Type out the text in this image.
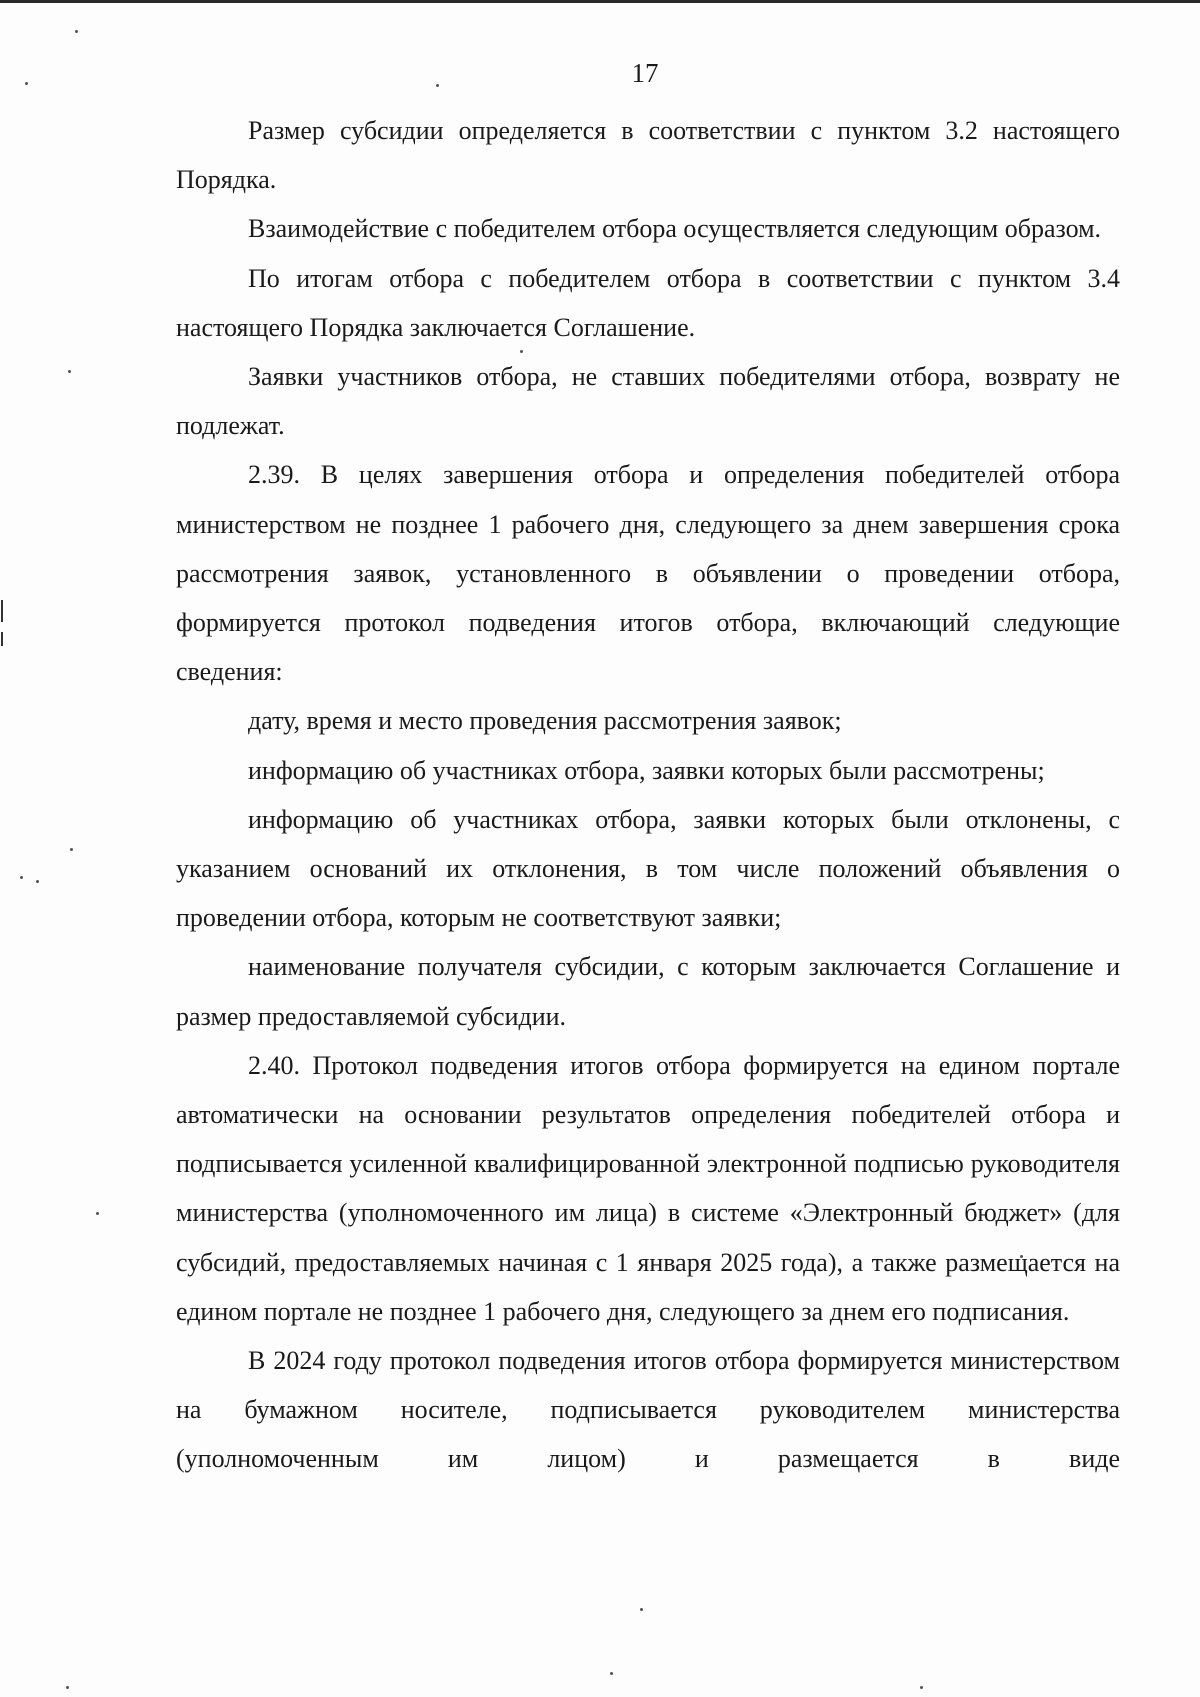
17

Размер субсидии определяется в соответствии с пунктом 3.2 настоящего Порядка.

Взаимодействие с победителем отбора осуществляется следующим образом.

По итогам отбора с победителем отбора в соответствии с пунктом 3.4 настоящего Порядка заключается Соглашение.

Заявки участников отбора, не ставших победителями отбора, возврату не подлежат.

2.39. В целях завершения отбора и определения победителей отбора министерством не позднее 1 рабочего дня, следующего за днем завершения срока рассмотрения заявок, установленного в объявлении о проведении отбора, формируется протокол подведения итогов отбора, включающий следующие сведения:

дату, время и место проведения рассмотрения заявок;

информацию об участниках отбора, заявки которых были рассмотрены;

информацию об участниках отбора, заявки которых были отклонены, с указанием оснований их отклонения, в том числе положений объявления о проведении отбора, которым не соответствуют заявки;

наименование получателя субсидии, с которым заключается Соглашение и размер предоставляемой субсидии.

2.40. Протокол подведения итогов отбора формируется на едином портале автоматически на основании результатов определения победителей отбора и подписывается усиленной квалифицированной электронной подписью руководителя министерства (уполномоченного им лица) в системе «Электронный бюджет» (для субсидий, предоставляемых начиная с 1 января 2025 года), а также размещается на едином портале не позднее 1 рабочего дня, следующего за днем его подписания.

В 2024 году протокол подведения итогов отбора формируется министерством на бумажном носителе, подписывается руководителем министерства (уполномоченным им лицом) и размещается в виде
